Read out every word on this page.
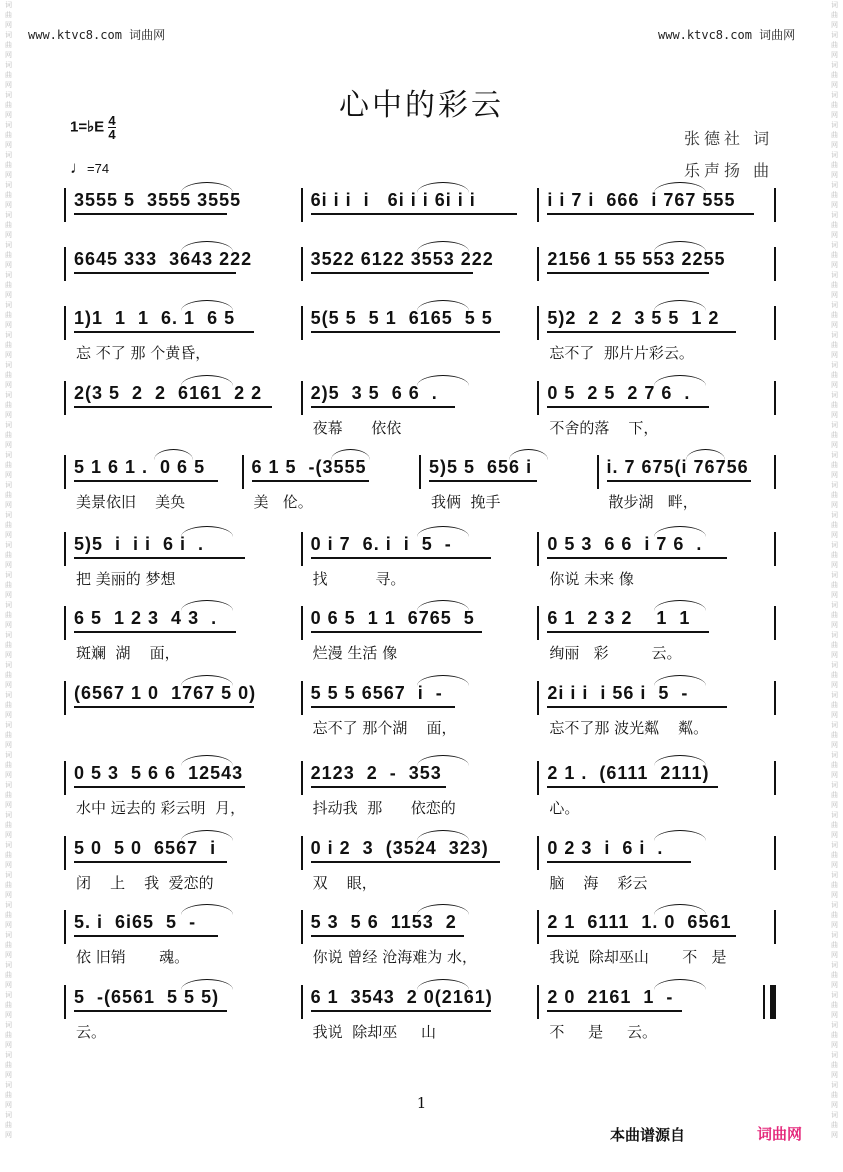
词
曲
网
词
曲
网
词
曲
网
词
曲
网
词
曲
网
词
曲
网
词
曲
网
词
曲
网
词
曲
网
词
曲
网
词
曲
网
词
曲
网
词
曲
网
词
曲
网
词
曲
网
词
曲
网
词
曲
网
词
曲
网
词
曲
网
词
曲
网
词
曲
网
词
曲
网
词
曲
网
词
曲
网
词
曲
网
词
曲
网
词
曲
网
词
曲
网
词
曲
网
词
曲
网
词
曲
网
词
曲
网
词
曲
网
词
曲
网
词
曲
网
词
曲
网
词
曲
网
词
曲
网
词
曲
网
词
曲
网
词
曲
网
词
曲
网
词
曲
网
词
曲
网
词
曲
网
词
曲
网
词
曲
网
词
曲
网
词
曲
网
词
曲
网
词
曲
网
词
曲
网
词
曲
网
词
曲
网
词
曲
网
词
曲
网
词
曲
网
词
曲
网
词
曲
网
词
曲
网
词
曲
网
词
曲
网
词
曲
网
词
曲
网
词
曲
网
词
曲
网
词
曲
网
词
曲
网
词
曲
网
词
曲
网
词
曲
网
词
曲
网
词
曲
网
词
曲
网
词
曲
网
词
曲
网
www.ktvc8.com 词曲网	www.ktvc8.com 词曲网
心中的彩云
1=♭E $\frac{4}{4}$
♩=74
张德社 词
乐声扬 曲
3555 5  3555 3555	6i i i  i   6i i i 6i i i	i i 7 i  666  i 767 555
6645 333  3643 222	3522 6122 3553 222	2156 1 55 553 2255
1)1  1  1  6. 1  6 5
忘 不了 那 个黄昏，
5(5 5  5 1  6165  5 5	5)2  2  2  3 5 5  1 2
忘不了  那片片彩云。
2(3 5  2  2  6161  2 2	2)5  3 5  6 6  .
夜幕      依依
0 5  2 5  2 7 6  .
不舍的落    下，
5 1 6 1 .  0 6 5
美景依旧    美奂
6 1 5  -(3555
美   伦。
5)5 5  656 i
我俩  挽手
i. 7 675(i 76756
散步湖   畔，
5)5  i  i i  6 i  .
把 美丽的 梦想
0 i 7  6. i  i  5  -
找          寻。
0 5 3  6 6  i 7 6  .
你说 未来 像
6 5  1 2 3  4 3  .
斑斓  湖    面，
0 6 5  1 1  6765  5
烂漫 生活 像
6 1  2 3 2    1  1
绚丽   彩         云。
(6567 1 0  1767 5 0)	5 5 5 6567  i  -
忘不了 那个湖    面，
2i i i  i 56 i  5  -
忘不了那 波光粼    粼。
0 5 3  5 6 6  12543
水中 远去的 彩云明  月，
2123  2  -  353
抖动我  那      依恋的
2 1 .  (6111  2111)
心。
5 0  5 0  6567  i
闭    上    我  爱恋的
0 i 2  3  (3524  323)
双    眼，
0 2 3  i  6 i  .
脑    海    彩云
5. i  6i65  5  -
依 旧销       魂。
5 3  5 6  1153  2
你说 曾经 沧海难为 水，
2 1  6111  1. 0  6561
我说  除却巫山       不   是
5  -(6561  5 5 5)
云。
6 1  3543  2 0(2161)
我说  除却巫     山
2 0  2161  1  -
不     是     云。
1
本曲谱源自	词曲网
